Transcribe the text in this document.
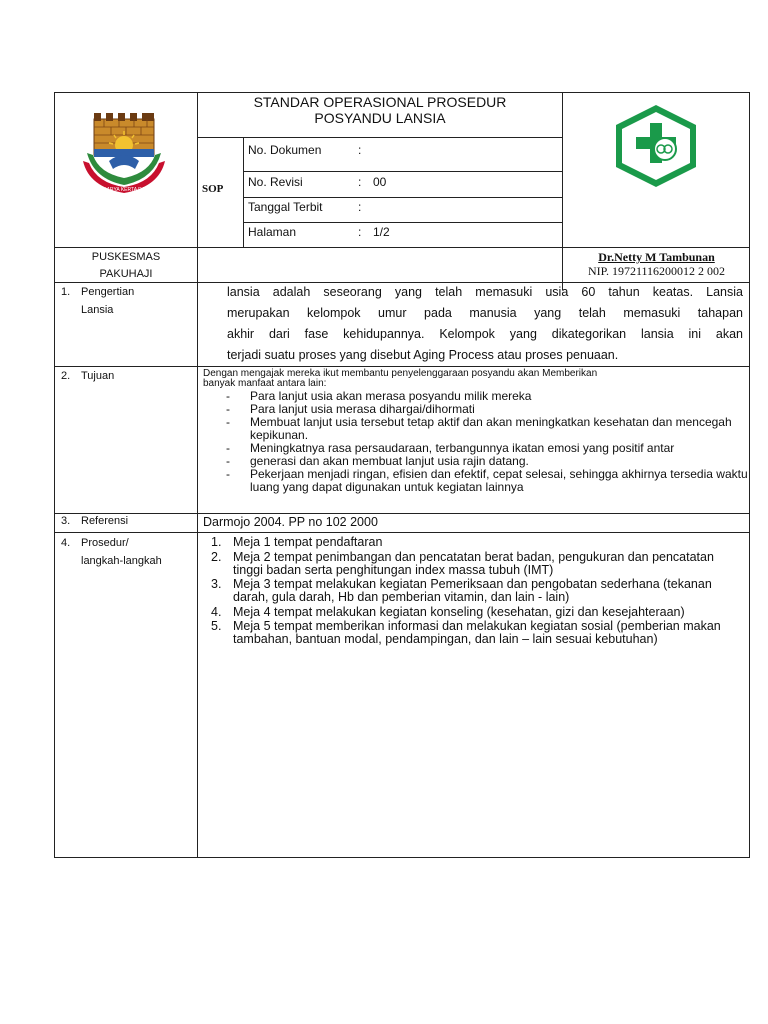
SATYA KARYA KERTA RAHARJA
STANDAR OPERASIONAL PROSEDUR
POSYANDU LANSIA
SOP
No. Dokumen	:
No. Revisi	: 00
Tanggal Terbit	:
Halaman	: 1/2
PUSKESMAS
PAKUHAJI
Dr.Netty M Tambunan
NIP. 19721116200012 2 002
1. Pengertian
Lansia
lansia adalah seseorang yang telah memasuki usia 60 tahun keatas. Lansia
merupakan kelompok umur pada manusia yang telah memasuki tahapan
akhir dari fase kehidupannya. Kelompok yang dikategorikan lansia ini akan
terjadi suatu proses yang disebut Aging Process atau proses penuaan.
2. Tujuan	Dengan mengajak mereka ikut membantu penyelenggaraan posyandu akan Memberikan
banyak manfaat antara lain:
- Para lanjut usia akan merasa posyandu milik mereka
- Para lanjut usia merasa dihargai/dihormati
- Membuat lanjut usia tersebut tetap aktif dan akan meningkatkan kesehatan dan mencegah kepikunan.
- Meningkatnya rasa persaudaraan, terbangunnya ikatan emosi yang positif antar
- generasi dan akan membuat lanjut usia rajin datang.
- Pekerjaan menjadi ringan, efisien dan efektif, cepat selesai, sehingga akhirnya tersedia waktu luang yang dapat digunakan untuk kegiatan lainnya
3. Referensi	Darmojo 2004. PP no 102 2000
4. Prosedur/
langkah-langkah
1. Meja 1 tempat pendaftaran
2. Meja 2 tempat penimbangan dan pencatatan berat badan, pengukuran dan pencatatan tinggi badan serta penghitungan index massa tubuh (IMT)
3. Meja 3 tempat melakukan kegiatan Pemeriksaan dan pengobatan sederhana (tekanan darah, gula darah, Hb dan pemberian vitamin, dan lain - lain)
4. Meja 4 tempat melakukan kegiatan konseling (kesehatan, gizi dan kesejahteraan)
5. Meja 5 tempat memberikan informasi dan melakukan kegiatan sosial (pemberian makan tambahan, bantuan modal, pendampingan, dan lain – lain sesuai kebutuhan)
